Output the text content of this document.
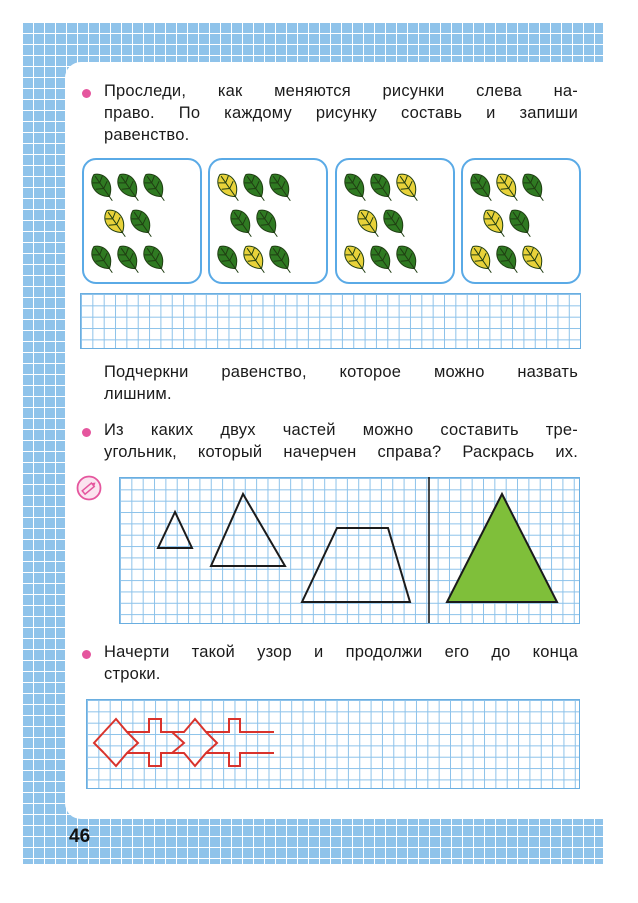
Проследи, как меняются рисунки слева на-
право. По каждому рисунку составь и запиши
равенство.
Подчеркни равенство, которое можно назвать
лишним.
Из каких двух частей можно составить тре-
угольник, который начерчен справа? Раскрась их.
Начерти такой узор и продолжи его до конца
строки.
46
